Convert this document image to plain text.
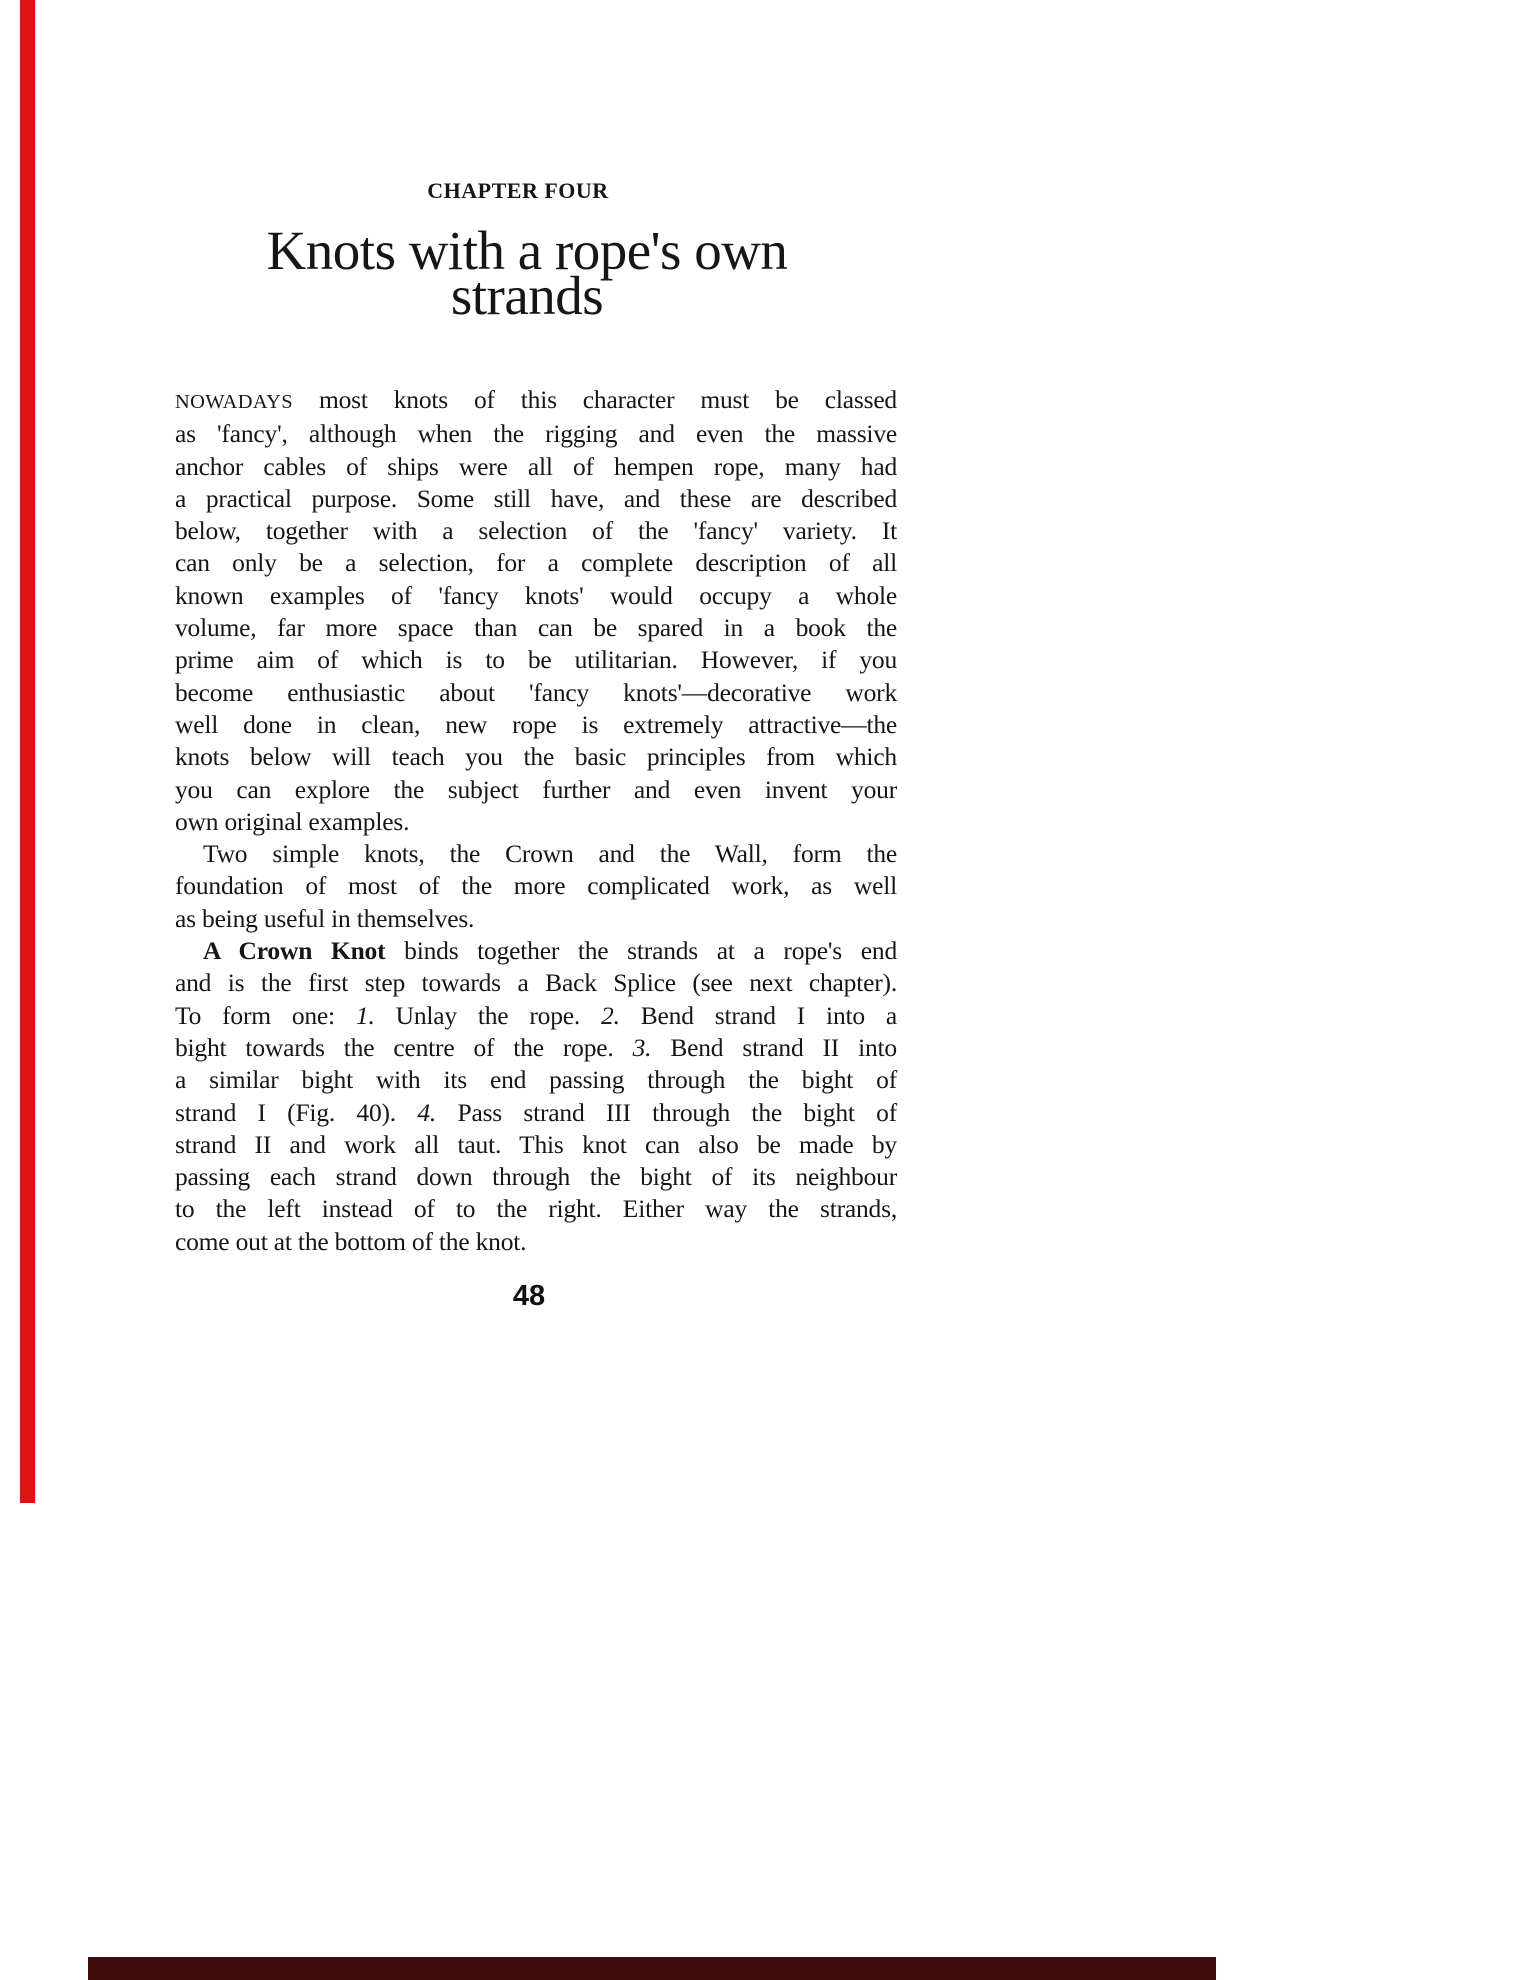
CHAPTER FOUR
Knots with a rope's own
strands
NOWADAYS most knots of this character must be classed
as 'fancy', although when the rigging and even the massive
anchor cables of ships were all of hempen rope, many had
a practical purpose. Some still have, and these are described
below, together with a selection of the 'fancy' variety. It
can only be a selection, for a complete description of all
known examples of 'fancy knots' would occupy a whole
volume, far more space than can be spared in a book the
prime aim of which is to be utilitarian. However, if you
become enthusiastic about 'fancy knots'—decorative work
well done in clean, new rope is extremely attractive—the
knots below will teach you the basic principles from which
you can explore the subject further and even invent your
own original examples.
Two simple knots, the Crown and the Wall, form the
foundation of most of the more complicated work, as well
as being useful in themselves.
A Crown Knot binds together the strands at a rope's end
and is the first step towards a Back Splice (see next chapter).
To form one: 1. Unlay the rope. 2. Bend strand I into a
bight towards the centre of the rope. 3. Bend strand II into
a similar bight with its end passing through the bight of
strand I (Fig. 40). 4. Pass strand III through the bight of
strand II and work all taut. This knot can also be made by
passing each strand down through the bight of its neighbour
to the left instead of to the right. Either way the strands,
come out at the bottom of the knot.
48
